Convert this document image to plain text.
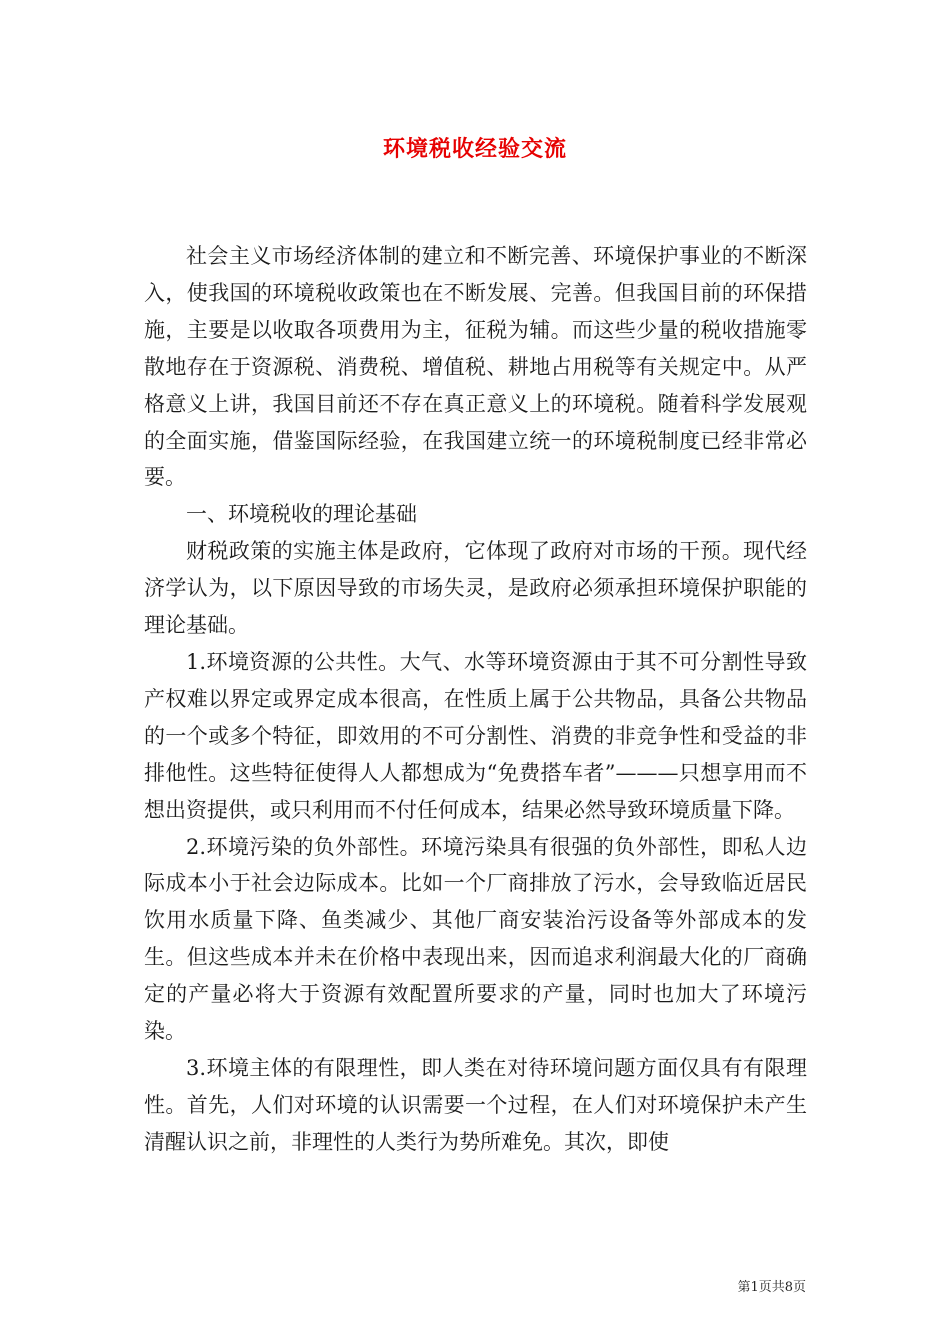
环境税收经验交流

社会主义市场经济体制的建立和不断完善、环境保护事业的不断深入，使我国的环境税收政策也在不断发展、完善。但我国目前的环保措施，主要是以收取各项费用为主，征税为辅。而这些少量的税收措施零散地存在于资源税、消费税、增值税、耕地占用税等有关规定中。从严格意义上讲，我国目前还不存在真正意义上的环境税。随着科学发展观的全面实施，借鉴国际经验，在我国建立统一的环境税制度已经非常必要。

一、环境税收的理论基础

财税政策的实施主体是政府，它体现了政府对市场的干预。现代经济学认为，以下原因导致的市场失灵，是政府必须承担环境保护职能的理论基础。

1.环境资源的公共性。大气、水等环境资源由于其不可分割性导致产权难以界定或界定成本很高，在性质上属于公共物品，具备公共物品的一个或多个特征，即效用的不可分割性、消费的非竞争性和受益的非排他性。这些特征使得人人都想成为“免费搭车者”———只想享用而不想出资提供，或只利用而不付任何成本，结果必然导致环境质量下降。

2.环境污染的负外部性。环境污染具有很强的负外部性，即私人边际成本小于社会边际成本。比如一个厂商排放了污水，会导致临近居民饮用水质量下降、鱼类减少、其他厂商安装治污设备等外部成本的发生。但这些成本并未在价格中表现出来，因而追求利润最大化的厂商确定的产量必将大于资源有效配置所要求的产量，同时也加大了环境污染。

3.环境主体的有限理性，即人类在对待环境问题方面仅具有有限理性。首先，人们对环境的认识需要一个过程，在人们对环境保护未产生清醒认识之前，非理性的人类行为势所难免。其次，即使

第1页共8页
